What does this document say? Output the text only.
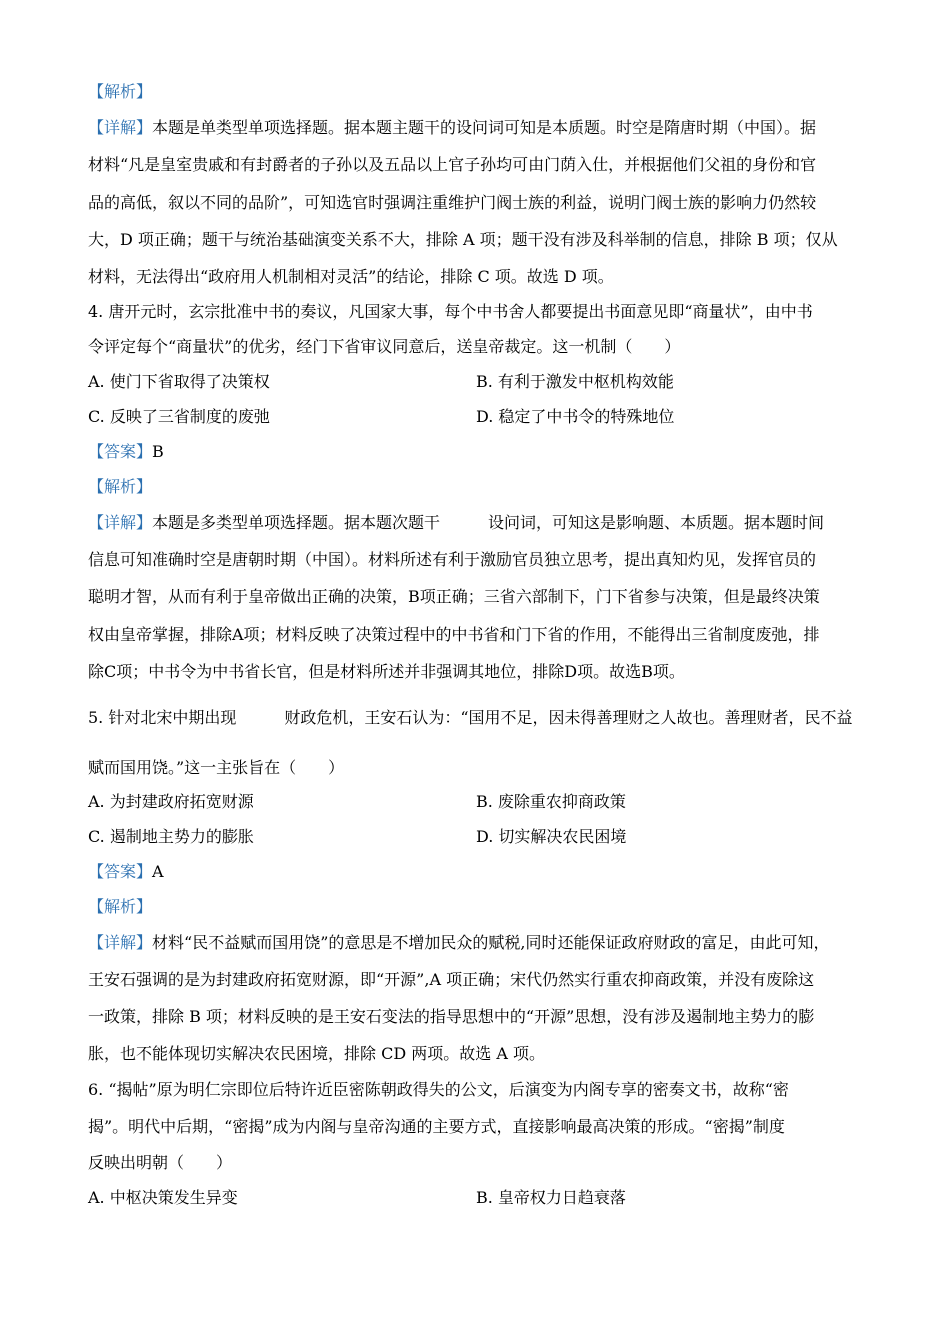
【解析】
【详解】本题是单类型单项选择题。据本题主题干的设问词可知是本质题。时空是隋唐时期（中国）。据
材料“凡是皇室贵戚和有封爵者的子孙以及五品以上官子孙均可由门荫入仕，并根据他们父祖的身份和官
品的高低，叙以不同的品阶”，可知选官时强调注重维护门阀士族的利益，说明门阀士族的影响力仍然较
大，D 项正确；题干与统治基础演变关系不大，排除 A 项；题干没有涉及科举制的信息，排除 B 项；仅从
材料，无法得出“政府用人机制相对灵活”的结论，排除 C 项。故选 D 项。
4. 唐开元时，玄宗批准中书的奏议，凡国家大事，每个中书舍人都要提出书面意见即“商量状”，由中书
令评定每个“商量状”的优劣，经门下省审议同意后，送皇帝裁定。这一机制（　　）
A. 使门下省取得了决策权	B. 有利于激发中枢机构效能
C. 反映了三省制度的废弛	D. 稳定了中书令的特殊地位
【答案】B
【解析】
【详解】本题是多类型单项选择题。据本题次题干　　　设问词，可知这是影响题、本质题。据本题时间
信息可知准确时空是唐朝时期（中国）。材料所述有利于激励官员独立思考，提出真知灼见，发挥官员的
聪明才智，从而有利于皇帝做出正确的决策，B项正确；三省六部制下，门下省参与决策，但是最终决策
权由皇帝掌握，排除A项；材料反映了决策过程中的中书省和门下省的作用，不能得出三省制度废弛，排
除C项；中书令为中书省长官，但是材料所述并非强调其地位，排除D项。故选B项。
5. 针对北宋中期出现　　　财政危机，王安石认为：“国用不足，因未得善理财之人故也。善理财者，民不益
赋而国用饶。”这一主张旨在（　　）
A. 为封建政府拓宽财源	B. 废除重农抑商政策
C. 遏制地主势力的膨胀	D. 切实解决农民困境
【答案】A
【解析】
【详解】材料“民不益赋而国用饶”的意思是不增加民众的赋税,同时还能保证政府财政的富足，由此可知，
王安石强调的是为封建政府拓宽财源，即“开源”,A 项正确；宋代仍然实行重农抑商政策，并没有废除这
一政策，排除 B 项；材料反映的是王安石变法的指导思想中的“开源”思想，没有涉及遏制地主势力的膨
胀，也不能体现切实解决农民困境，排除 CD 两项。故选 A 项。
6. “揭帖”原为明仁宗即位后特许近臣密陈朝政得失的公文，后演变为内阁专享的密奏文书，故称“密
揭”。明代中后期，“密揭”成为内阁与皇帝沟通的主要方式，直接影响最高决策的形成。“密揭”制度
反映出明朝（　　）
A. 中枢决策发生异变	B. 皇帝权力日趋衰落
